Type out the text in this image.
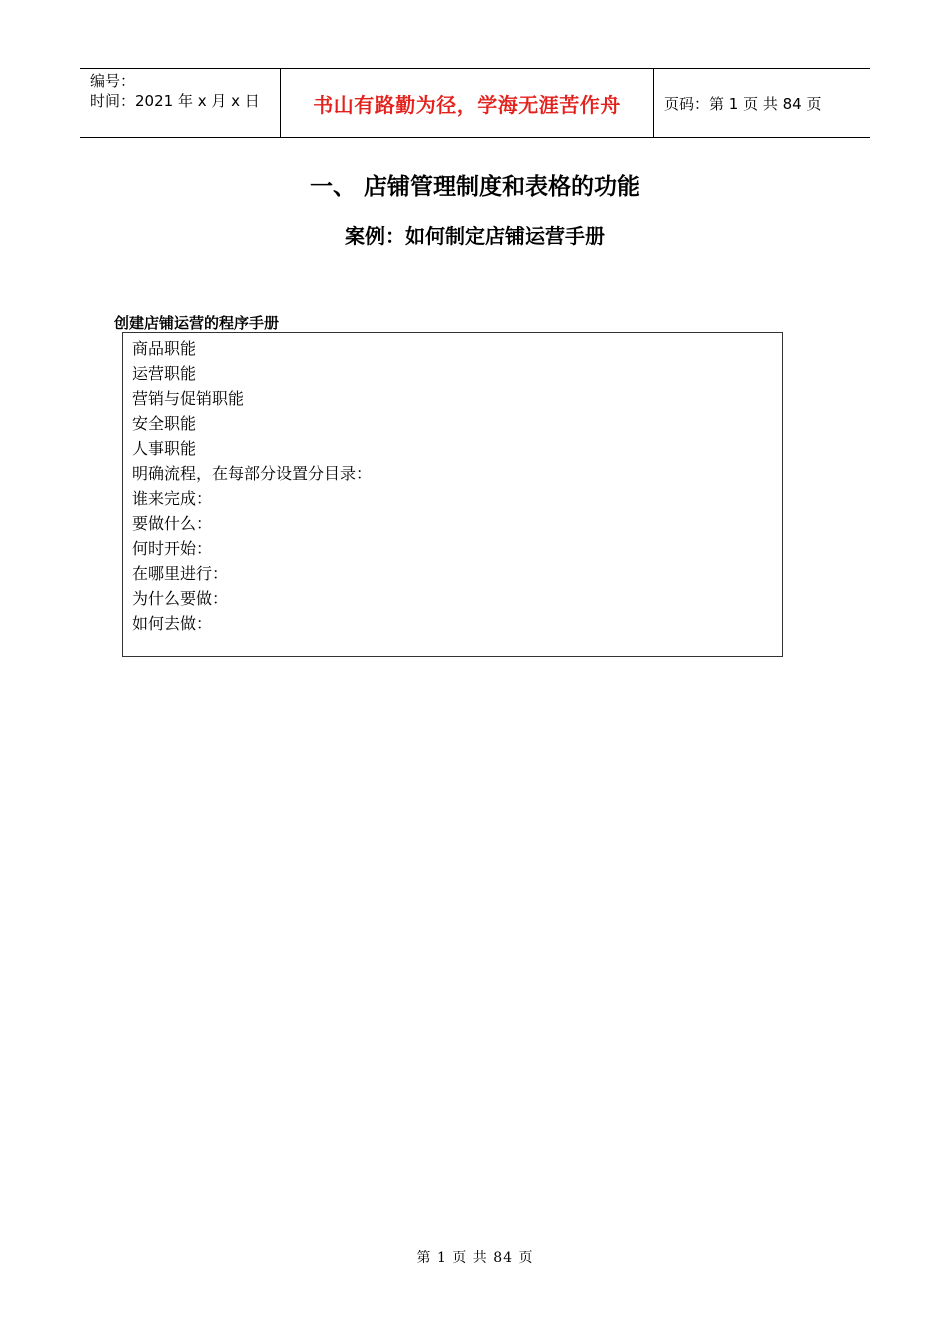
编号：
时间：2021 年 x 月 x 日	书山有路勤为径，学海无涯苦作舟	页码：第 1 页 共 84 页
一、 店铺管理制度和表格的功能
案例：如何制定店铺运营手册
创建店铺运营的程序手册
商品职能
运营职能
营销与促销职能
安全职能
人事职能
明确流程，在每部分设置分目录：
谁来完成：
要做什么：
何时开始：
在哪里进行：
为什么要做：
如何去做：
第 1 页 共 84 页
